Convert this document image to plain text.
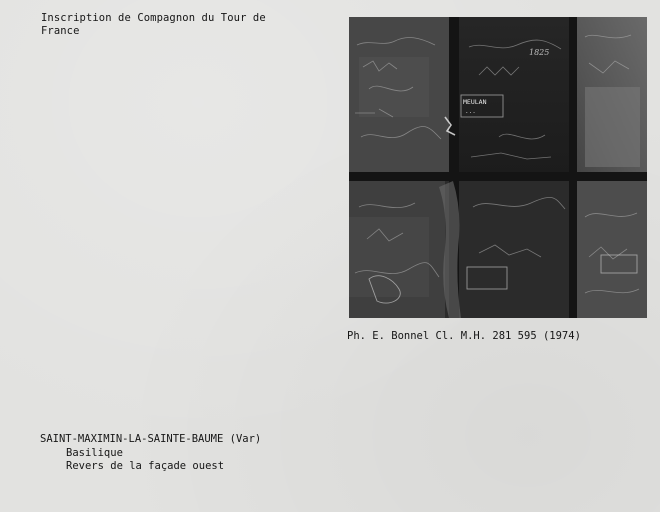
Inscription de Compagnon du Tour de France
MEULAN
...
1825
Ph. E. Bonnel Cl. M.H. 281 595 (1974)
SAINT-MAXIMIN-LA-SAINTE-BAUME (Var)
Basilique
Revers de la façade ouest
